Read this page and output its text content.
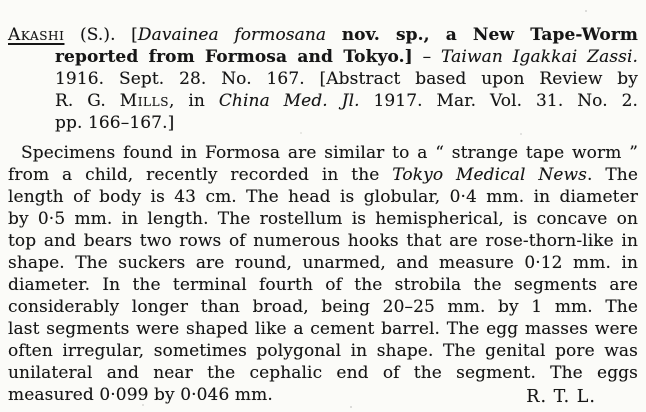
Akashi (S.). [Davainea formosana nov. sp., a New Tape-Worm
reported from Formosa and Tokyo.] – Taiwan Igakkai Zassi.
1916. Sept. 28. No. 167. [Abstract based upon Review by
R. G. Mills, in China Med. Jl. 1917. Mar. Vol. 31. No. 2.
pp. 166–167.]
Specimens found in Formosa are similar to a “ strange tape worm ”
from a child, recently recorded in the Tokyo Medical News. The
length of body is 43 cm. The head is globular, 0·4 mm. in diameter
by 0·5 mm. in length. The rostellum is hemispherical, is concave on
top and bears two rows of numerous hooks that are rose-thorn-like in
shape. The suckers are round, unarmed, and measure 0·12 mm. in
diameter. In the terminal fourth of the strobila the segments are
considerably longer than broad, being 20–25 mm. by 1 mm. The
last segments were shaped like a cement barrel. The egg masses were
often irregular, sometimes polygonal in shape. The genital pore was
unilateral and near the cephalic end of the segment. The eggs
measured 0·099 by 0·046 mm.	R. T. L.
